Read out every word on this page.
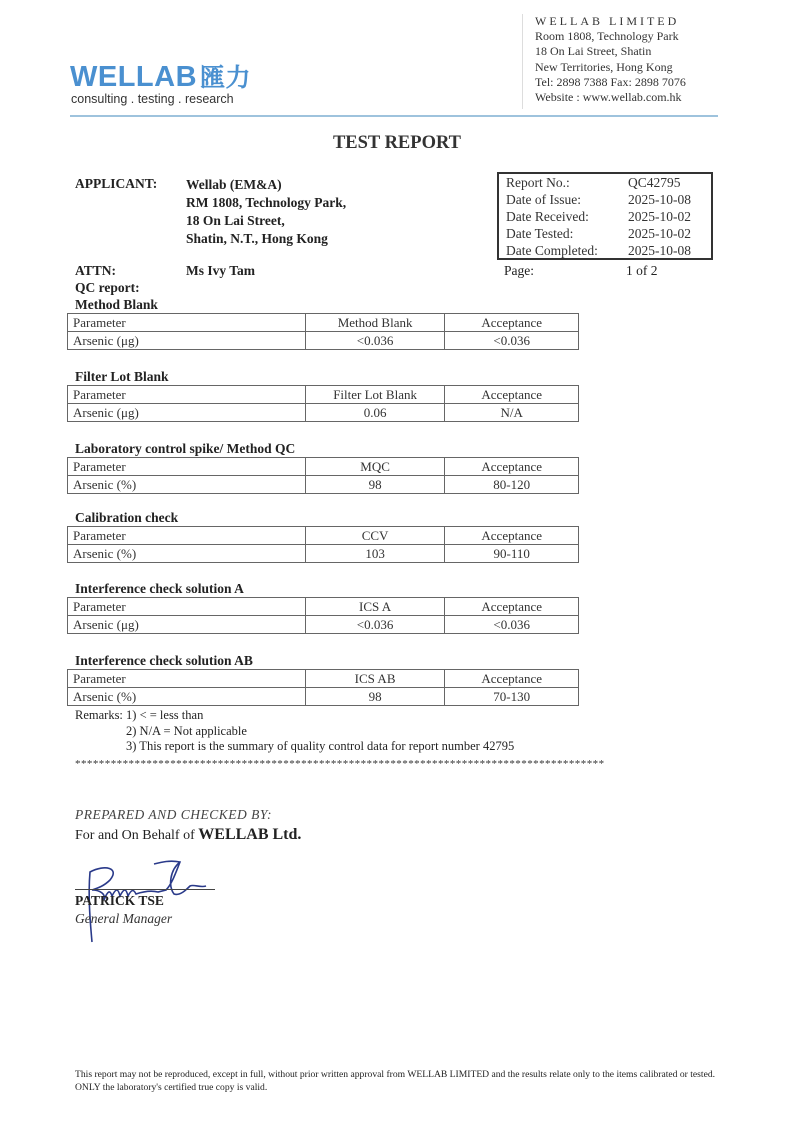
WELLAB 匯力
consulting . testing . research
WELLAB LIMITED
Room 1808, Technology Park
18 On Lai Street, Shatin
New Territories, Hong Kong
Tel: 2898 7388 Fax: 2898 7076
Website : www.wellab.com.hk
TEST REPORT
APPLICANT: Wellab (EM&A)
RM 1808, Technology Park,
18 On Lai Street,
Shatin, N.T., Hong Kong
ATTN:	Ms Ivy Tam
QC report:
Report No.:	QC42795
Date of Issue:	2025-10-08
Date Received:	2025-10-02
Date Tested:	2025-10-02
Date Completed: 2025-10-08
Page:	1 of 2
Method Blank
Parameter	Method Blank	Acceptance
Arsenic (μg)	<0.036	<0.036
Filter Lot Blank
Parameter	Filter Lot Blank	Acceptance
Arsenic (μg)	0.06	N/A
Laboratory control spike/ Method QC
Parameter	MQC	Acceptance
Arsenic (%)	98	80-120
Calibration check
Parameter	CCV	Acceptance
Arsenic (%)	103	90-110
Interference check solution A
Parameter	ICS A	Acceptance
Arsenic (μg)	<0.036	<0.036
Interference check solution AB
Parameter	ICS AB	Acceptance
Arsenic (%)	98	70-130
Remarks: 1) < = less than
2) N/A = Not applicable
3) This report is the summary of quality control data for report number 42795
*****************************************************************************************
PREPARED AND CHECKED BY:
For and On Behalf of WELLAB Ltd.
PATRICK TSE
General Manager
This report may not be reproduced, except in full, without prior written approval from WELLAB LIMITED and the results relate only to the items calibrated or tested. ONLY the laboratory's certified true copy is valid.
